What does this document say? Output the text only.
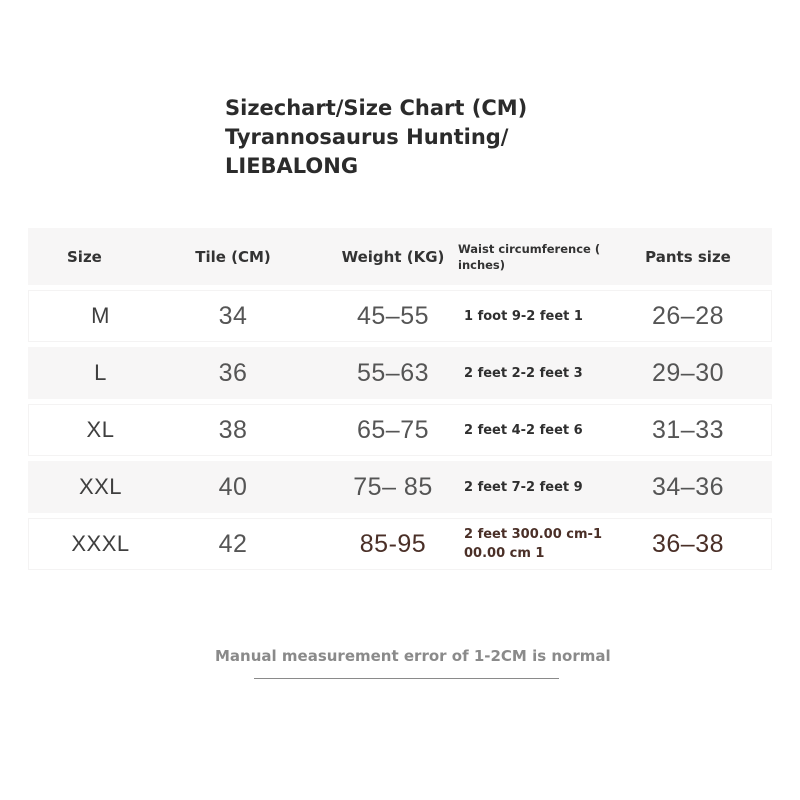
Sizechart/Size Chart (CM)
Tyrannosaurus Hunting/
LIEBALONG
Size	Tile (CM)	Weight (KG)	Waist circumference ( inches)	Pants size
M	34	45–55	1 foot 9-2 feet 1	26–28
L	36	55–63	2 feet 2-2 feet 3	29–30
XL	38	65–75	2 feet 4-2 feet 6	31–33
XXL	40	75– 85	2 feet 7-2 feet 9	34–36
XXXL	42	85-95	2 feet 300.00 cm-1 00.00 cm 1	36–38
Manual measurement error of 1-2CM is normal
